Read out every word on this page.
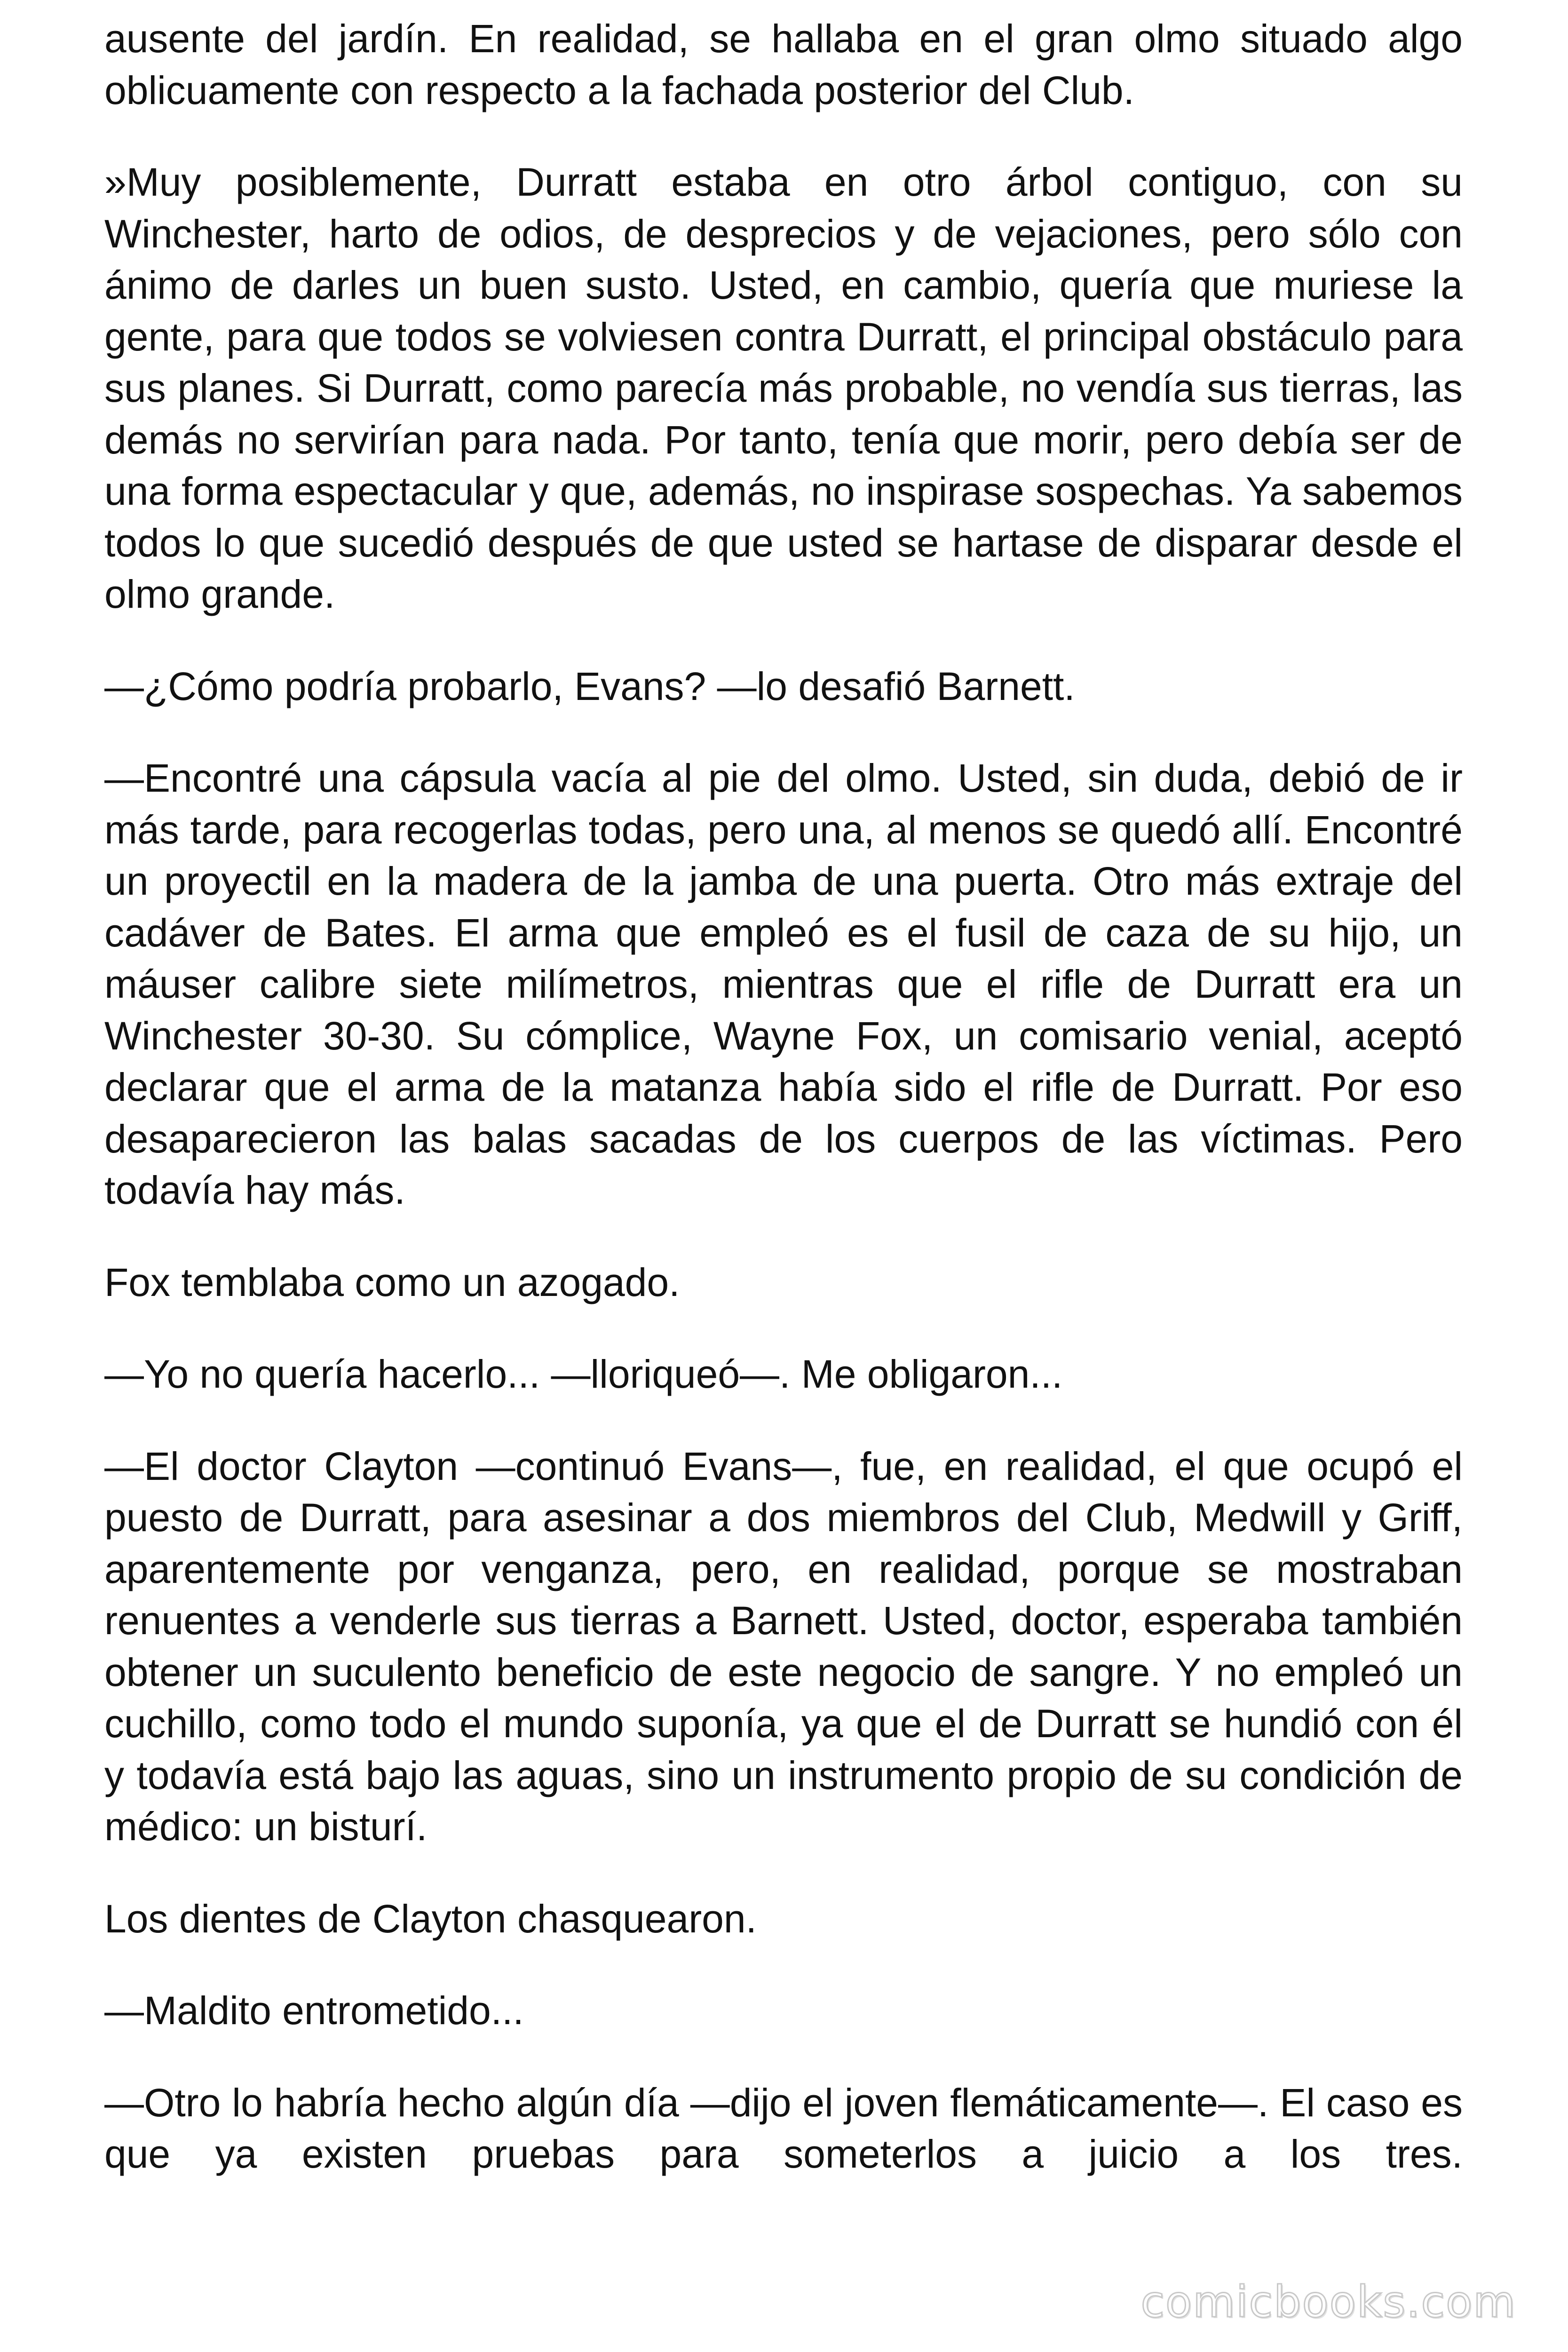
ausente del jardín. En realidad, se hallaba en el gran olmo situado algo oblicuamente con respecto a la fachada posterior del Club.

»Muy posiblemente, Durratt estaba en otro árbol contiguo, con su Winchester, harto de odios, de desprecios y de vejaciones, pero sólo con ánimo de darles un buen susto. Usted, en cambio, quería que muriese la gente, para que todos se volviesen contra Durratt, el principal obstáculo para sus planes. Si Durratt, como parecía más probable, no vendía sus tierras, las demás no servirían para nada. Por tanto, tenía que morir, pero debía ser de una forma espectacular y que, además, no inspirase sospechas. Ya sabemos todos lo que sucedió después de que usted se hartase de disparar desde el olmo grande.

—¿Cómo podría probarlo, Evans? —lo desafió Barnett.

—Encontré una cápsula vacía al pie del olmo. Usted, sin duda, debió de ir más tarde, para recogerlas todas, pero una, al menos se quedó allí. Encontré un proyectil en la madera de la jamba de una puerta. Otro más extraje del cadáver de Bates. El arma que empleó es el fusil de caza de su hijo, un máuser calibre siete milímetros, mientras que el rifle de Durratt era un Winchester 30-30. Su cómplice, Wayne Fox, un comisario venial, aceptó declarar que el arma de la matanza había sido el rifle de Durratt. Por eso desaparecieron las balas sacadas de los cuerpos de las víctimas. Pero todavía hay más.

Fox temblaba como un azogado.

—Yo no quería hacerlo... —lloriqueó—. Me obligaron...

—El doctor Clayton —continuó Evans—, fue, en realidad, el que ocupó el puesto de Durratt, para asesinar a dos miembros del Club, Medwill y Griff, aparentemente por venganza, pero, en realidad, porque se mostraban renuentes a venderle sus tierras a Barnett. Usted, doctor, esperaba también obtener un suculento beneficio de este negocio de sangre. Y no empleó un cuchillo, como todo el mundo suponía, ya que el de Durratt se hundió con él y todavía está bajo las aguas, sino un instrumento propio de su condición de médico: un bisturí.

Los dientes de Clayton chasquearon.

—Maldito entrometido...

—Otro lo habría hecho algún día —dijo el joven flemáticamente—. El caso es que ya existen pruebas para someterlos a juicio a los tres.

comicbooks.com
